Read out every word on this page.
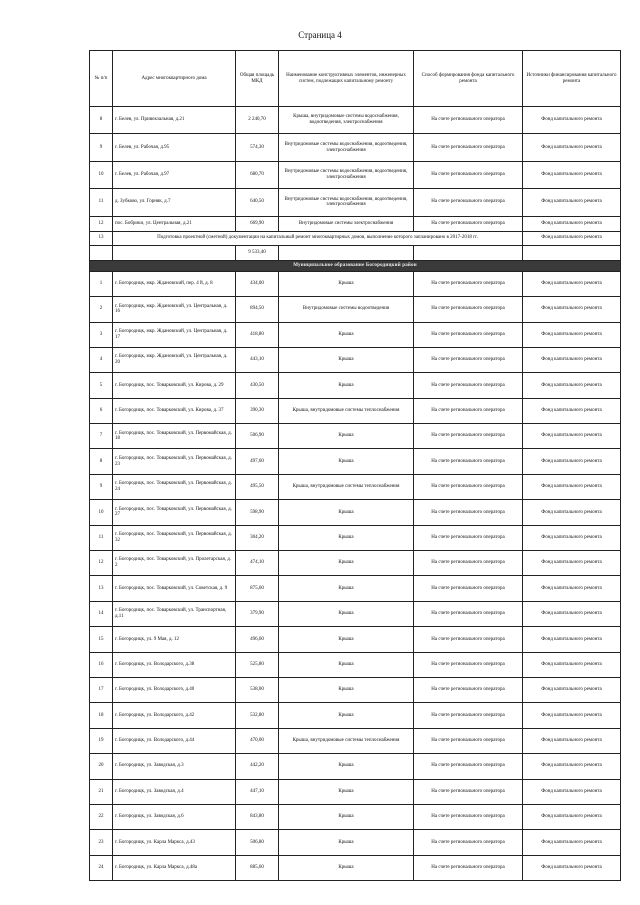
Страница 4
№ п/п	Адрес многоквартирного дома	Общая площадь МКД	Наименование конструктивных элементов, инженерных систем, подлежащих капитальному ремонту	Способ формирования фонда капитального ремонта	Источники финансирования капитального ремонта
8	г. Белев, ул. Привокзальная, д.21	2 240,70	Крыша, внутридомовые системы водоснабжения, водоотведения, электроснабжения	На счете регионального оператора	Фонд капитального ремонта
9	г. Белев, ул. Рабочая, д.95	574,30	Внутридомовые системы водоснабжения, водоотведения, электроснабжения	На счете регионального оператора	Фонд капитального ремонта
10	г. Белев, ул. Рабочая, д.97	680,70	Внутридомовые системы водоснабжения, водоотведения, электроснабжения	На счете регионального оператора	Фонд капитального ремонта
11	д. Зубково, ул. Горняк, д.7	640,50	Внутридомовые системы водоснабжения, водоотведения, электроснабжения	На счете регионального оператора	Фонд капитального ремонта
12	пос. Бобрики, ул. Центральная, д.21	669,90	Внутридомовые системы электроснабжения	На счете регионального оператора	Фонд капитального ремонта
13	Подготовка проектной (сметной) документации на капитальный ремонт многоквартирных домов, выполнение которого запланировано в 2017-2018 гг.				Фонд капитального ремонта
		9 533,40			
Муниципальное образование Богородицкий район					
1	г. Богородицк, мкр. Ждановский, пер. 4 й, д. 8	434,00	Крыша	На счете регионального оператора	Фонд капитального ремонта
2	г. Богородицк, мкр. Ждановский, ул. Центральная, д. 16	894,50	Внутридомовые системы водоотведения	На счете регионального оператора	Фонд капитального ремонта
3	г. Богородицк, мкр. Ждановский, ул. Центральная, д. 17	418,80	Крыша	На счете регионального оператора	Фонд капитального ремонта
4	г. Богородицк, мкр. Ждановский, ул. Центральная, д. 20	443,10	Крыша	На счете регионального оператора	Фонд капитального ремонта
5	г. Богородицк, пос. Товарковский, ул. Кирова, д. 29	430,50	Крыша	На счете регионального оператора	Фонд капитального ремонта
6	г. Богородицк, пос. Товарковский, ул. Кирова, д. 37	390,30	Крыша, внутридомовые системы теплоснабжения	На счете регионального оператора	Фонд капитального ремонта
7	г. Богородицк, пос. Товарковский, ул. Первомайская, д. 18	506,90	Крыша	На счете регионального оператора	Фонд капитального ремонта
8	г. Богородицк, пос. Товарковский, ул. Первомайская, д. 23	497,60	Крыша	На счете регионального оператора	Фонд капитального ремонта
9	г. Богородицк, пос. Товарковский, ул. Первомайская, д. 24	495,50	Крыша, внутридомовые системы теплоснабжения	На счете регионального оператора	Фонд капитального ремонта
10	г. Богородицк, пос. Товарковский, ул. Первомайская, д. 27	598,90	Крыша	На счете регионального оператора	Фонд капитального ремонта
11	г. Богородицк, пос. Товарковский, ул. Первомайская, д. 32	304,20	Крыша	На счете регионального оператора	Фонд капитального ремонта
12	г. Богородицк, пос. Товарковский, ул. Пролетарская, д. 2	474,10	Крыша	На счете регионального оператора	Фонд капитального ремонта
13	г. Богородицк, пос. Товарковский, ул. Советская, д. 9	875,60	Крыша	На счете регионального оператора	Фонд капитального ремонта
14	г. Богородицк, пос. Товарковский, ул. Транспортная, д.11	379,90	Крыша	На счете регионального оператора	Фонд капитального ремонта
15	г. Богородицк, ул. 9 Мая, д. 12	496,60	Крыша	На счете регионального оператора	Фонд капитального ремонта
16	г. Богородицк, ул. Володарского, д.38	525,80	Крыша	На счете регионального оператора	Фонд капитального ремонта
17	г. Богородицк, ул. Володарского, д.40	538,00	Крыша	На счете регионального оператора	Фонд капитального ремонта
18	г. Богородицк, ул. Володарского, д.42	532,80	Крыша	На счете регионального оператора	Фонд капитального ремонта
19	г. Богородицк, ул. Володарского, д.44	470,00	Крыша, внутридомовые системы теплоснабжения	На счете регионального оператора	Фонд капитального ремонта
20	г. Богородицк, ул. Заводская, д.3	442,20	Крыша	На счете регионального оператора	Фонд капитального ремонта
21	г. Богородицк, ул. Заводская, д.4	447,10	Крыша	На счете регионального оператора	Фонд капитального ремонта
22	г. Богородицк, ул. Заводская, д.6	843,80	Крыша	На счете регионального оператора	Фонд капитального ремонта
23	г. Богородицк, ул. Карла Маркса, д.43	506,80	Крыша	На счете регионального оператора	Фонд капитального ремонта
24	г. Богородицк, ул. Карла Маркса, д.48а	885,60	Крыша	На счете регионального оператора	Фонд капитального ремонта
